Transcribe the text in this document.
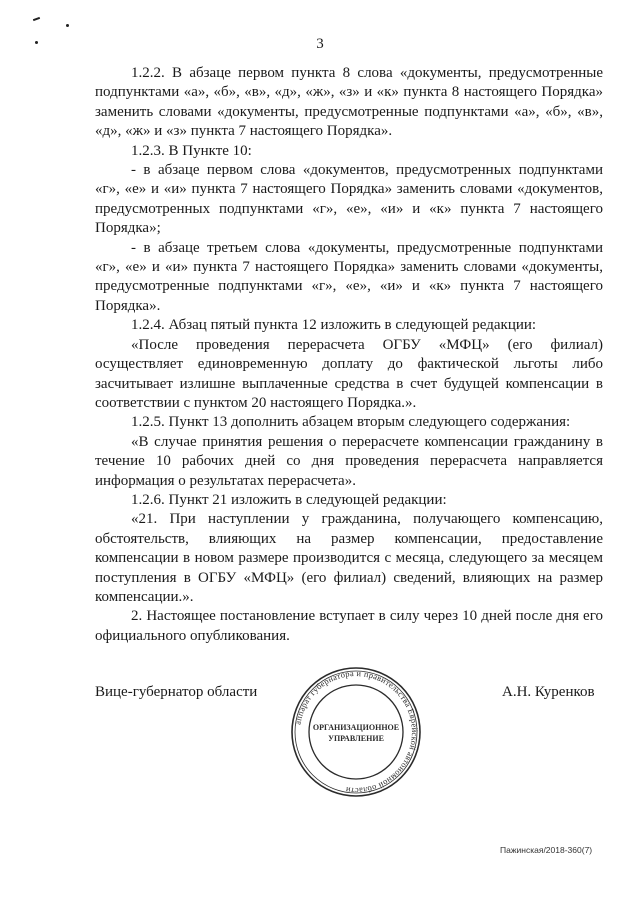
3

1.2.2. В абзаце первом пункта 8 слова «документы, предусмотренные подпунктами «а», «б», «в», «д», «ж», «з» и «к» пункта 8 настоящего Порядка» заменить словами «документы, предусмотренные подпунктами «а», «б», «в», «д», «ж» и «з» пункта 7 настоящего Порядка».

1.2.3. В Пункте 10:

- в абзаце первом слова «документов, предусмотренных подпунктами «г», «е» и «и» пункта 7 настоящего Порядка» заменить словами «документов, предусмотренных подпунктами «г», «е», «и» и «к» пункта 7 настоящего Порядка»;

- в абзаце третьем слова «документы, предусмотренные подпунктами «г», «е» и «и» пункта 7 настоящего Порядка» заменить словами «документы, предусмотренные подпунктами «г», «е», «и» и «к» пункта 7 настоящего Порядка».

1.2.4. Абзац пятый пункта 12 изложить в следующей редакции:

«После проведения перерасчета ОГБУ «МФЦ» (его филиал) осуществляет единовременную доплату до фактической льготы либо засчитывает излишне выплаченные средства в счет будущей компенсации в соответствии с пунктом 20 настоящего Порядка.».

1.2.5. Пункт 13 дополнить абзацем вторым следующего содержания:

«В случае принятия решения о перерасчете компенсации гражданину в течение 10 рабочих дней со дня проведения перерасчета направляется информация о результатах перерасчета».

1.2.6. Пункт 21 изложить в следующей редакции:

«21. При наступлении у гражданина, получающего компенсацию, обстоятельств, влияющих на размер компенсации, предоставление компенсации в новом размере производится с месяца, следующего за месяцем поступления в ОГБУ «МФЦ» (его филиал) сведений, влияющих на размер компенсации.».

2. Настоящее постановление вступает в силу через 10 дней после дня его официального опубликования.

Вице-губернатор области	А.Н. Куренков
аппарат губернатора и правительства Еврейской автономной области
ОРГАНИЗАЦИОННОЕ
УПРАВЛЕНИЕ
Пажинская/2018-360(7)
